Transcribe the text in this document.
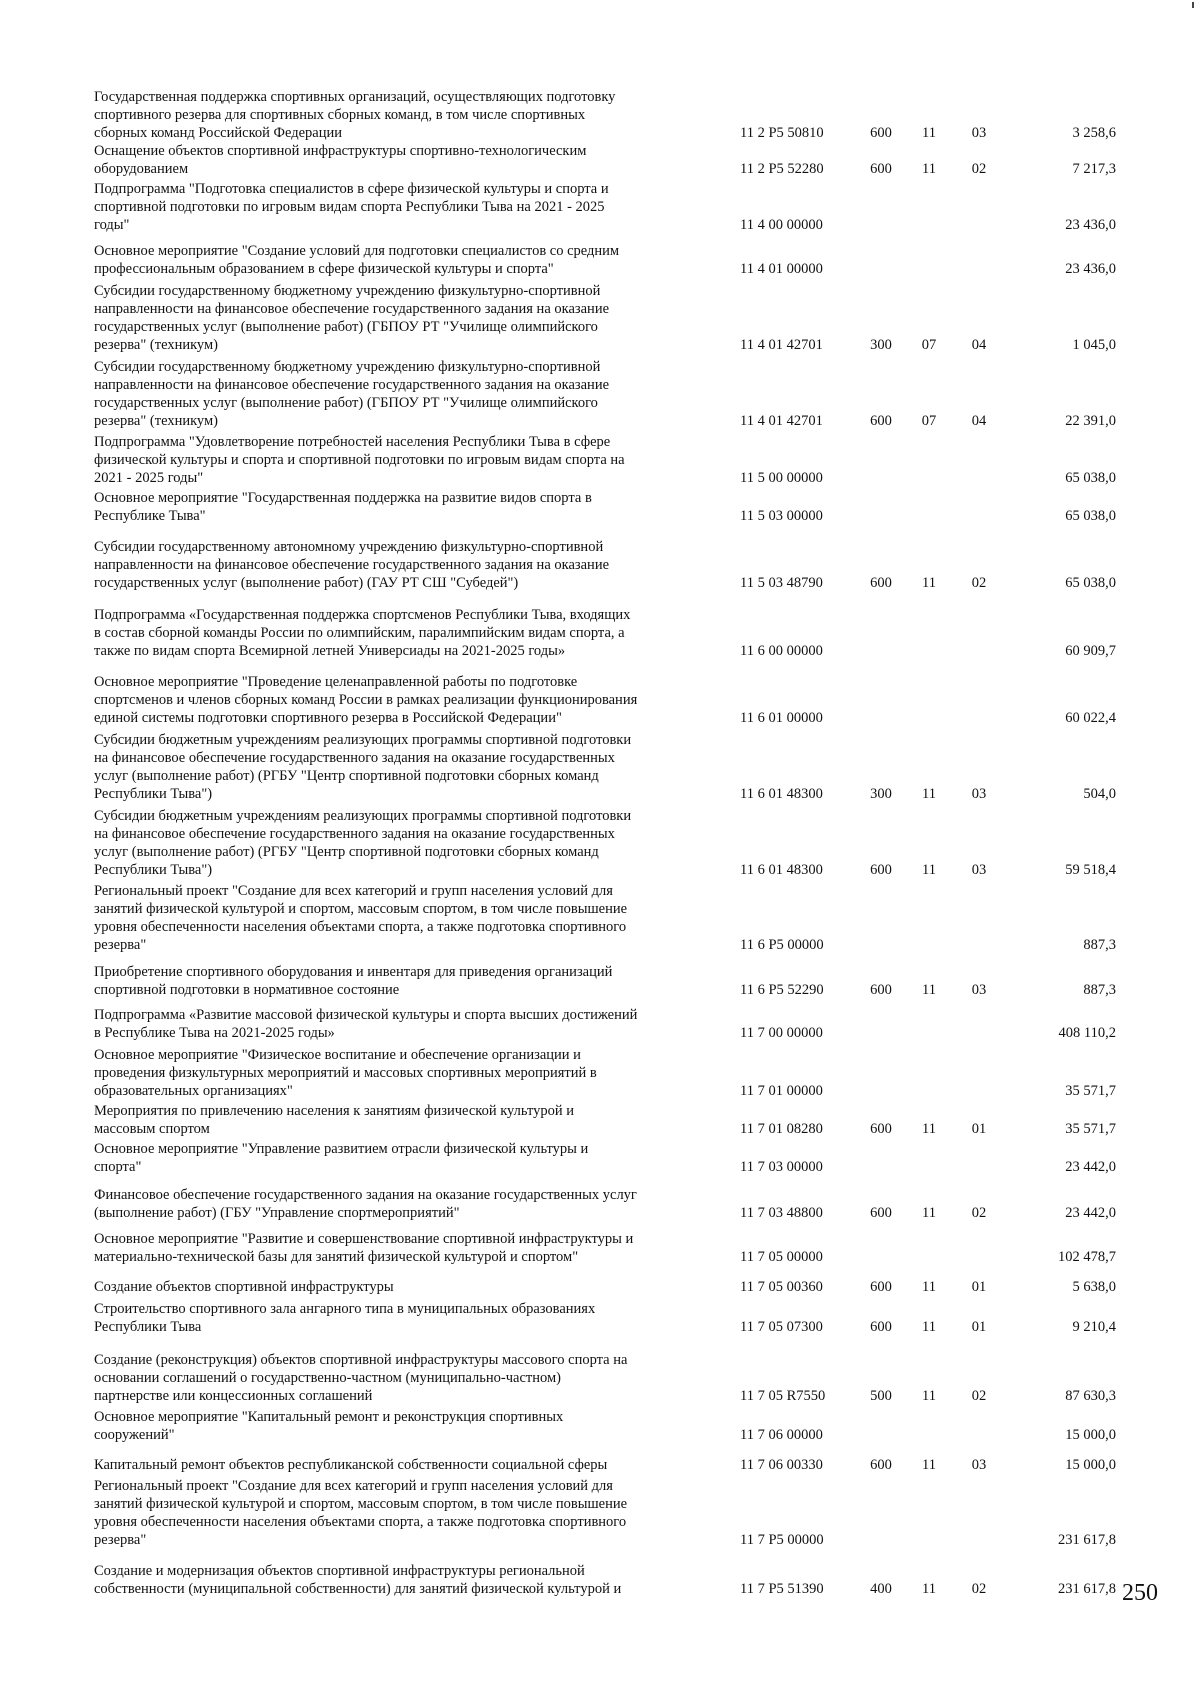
Государственная поддержка спортивных организаций, осуществляющих подготовку
спортивного резерва для спортивных сборных команд, в том числе спортивных
сборных команд Российской Федерации	11 2 P5 50810	600	11	03	3 258,6
Оснащение объектов спортивной инфраструктуры спортивно-технологическим
оборудованием	11 2 P5 52280	600	11	02	7 217,3
Подпрограмма "Подготовка специалистов в сфере физической культуры и спорта и
спортивной подготовки по игровым видам спорта Республики Тыва на 2021 - 2025
годы"	11 4 00 00000	23 436,0
Основное мероприятие "Создание условий для подготовки специалистов со средним
профессиональным образованием в сфере физической культуры и спорта"	11 4 01 00000	23 436,0
Субсидии государственному бюджетному учреждению физкультурно-спортивной
направленности на финансовое обеспечение государственного задания на оказание
государственных услуг (выполнение работ) (ГБПОУ РТ "Училище олимпийского
резерва" (техникум)	11 4 01 42701	300	07	04	1 045,0
Субсидии государственному бюджетному учреждению физкультурно-спортивной
направленности на финансовое обеспечение государственного задания на оказание
государственных услуг (выполнение работ) (ГБПОУ РТ "Училище олимпийского
резерва" (техникум)	11 4 01 42701	600	07	04	22 391,0
Подпрограмма "Удовлетворение потребностей населения Республики Тыва в сфере
физической культуры и спорта и спортивной подготовки по игровым видам спорта на
2021 - 2025 годы"	11 5 00 00000	65 038,0
Основное мероприятие "Государственная поддержка на развитие видов спорта в
Республике Тыва"	11 5 03 00000	65 038,0
Субсидии государственному автономному учреждению физкультурно-спортивной
направленности на финансовое обеспечение государственного задания на оказание
государственных услуг (выполнение работ) (ГАУ РТ СШ "Субедей")	11 5 03 48790	600	11	02	65 038,0
Подпрограмма «Государственная поддержка спортсменов Республики Тыва, входящих
в состав сборной команды России по олимпийским, паралимпийским видам спорта, а
также по видам спорта Всемирной летней Универсиады на 2021-2025 годы»	11 6 00 00000	60 909,7
Основное мероприятие "Проведение целенаправленной работы по подготовке
спортсменов и членов сборных команд России в рамках реализации функционирования
единой системы подготовки спортивного резерва в Российской Федерации"	11 6 01 00000	60 022,4
Субсидии бюджетным учреждениям реализующих программы спортивной подготовки
на финансовое обеспечение государственного задания на оказание государственных
услуг (выполнение работ) (РГБУ "Центр спортивной подготовки сборных команд
Республики Тыва")	11 6 01 48300	300	11	03	504,0
Субсидии бюджетным учреждениям реализующих программы спортивной подготовки
на финансовое обеспечение государственного задания на оказание государственных
услуг (выполнение работ) (РГБУ "Центр спортивной подготовки сборных команд
Республики Тыва")	11 6 01 48300	600	11	03	59 518,4
Региональный проект "Создание для всех категорий и групп населения условий для
занятий физической культурой и спортом, массовым спортом, в том числе повышение
уровня обеспеченности населения объектами спорта, а также подготовка спортивного
резерва"	11 6 P5 00000	887,3
Приобретение спортивного оборудования и инвентаря для приведения организаций
спортивной подготовки в нормативное состояние	11 6 P5 52290	600	11	03	887,3
Подпрограмма «Развитие массовой физической культуры и спорта высших достижений
в Республике Тыва на 2021-2025 годы»	11 7 00 00000	408 110,2
Основное мероприятие "Физическое воспитание и обеспечение организации и
проведения физкультурных мероприятий и массовых спортивных мероприятий в
образовательных организациях"	11 7 01 00000	35 571,7
Мероприятия по привлечению населения к занятиям физической культурой и
массовым спортом	11 7 01 08280	600	11	01	35 571,7
Основное мероприятие "Управление развитием отрасли физической культуры и
спорта"	11 7 03 00000	23 442,0
Финансовое обеспечение государственного задания на оказание государственных услуг
(выполнение работ) (ГБУ "Управление спортмероприятий"	11 7 03 48800	600	11	02	23 442,0
Основное мероприятие "Развитие и совершенствование спортивной инфраструктуры и
материально-технической базы для занятий физической культурой и спортом"	11 7 05 00000	102 478,7
Создание объектов спортивной инфраструктуры	11 7 05 00360	600	11	01	5 638,0
Строительство спортивного зала ангарного типа в муниципальных образованиях
Республики Тыва	11 7 05 07300	600	11	01	9 210,4
Создание (реконструкция) объектов спортивной инфраструктуры массового спорта на
основании соглашений о государственно-частном (муниципально-частном)
партнерстве или концессионных соглашений	11 7 05 R7550	500	11	02	87 630,3
Основное мероприятие "Капитальный ремонт и реконструкция спортивных
сооружений"	11 7 06 00000	15 000,0
Капитальный ремонт объектов республиканской собственности социальной сферы	11 7 06 00330	600	11	03	15 000,0
Региональный проект "Создание для всех категорий и групп населения условий для
занятий физической культурой и спортом, массовым спортом, в том числе повышение
уровня обеспеченности населения объектами спорта, а также подготовка спортивного
резерва"	11 7 P5 00000	231 617,8
Создание и модернизация объектов спортивной инфраструктуры региональной
собственности (муниципальной собственности) для занятий физической культурой и	11 7 P5 51390	400	11	02	231 617,8 250
